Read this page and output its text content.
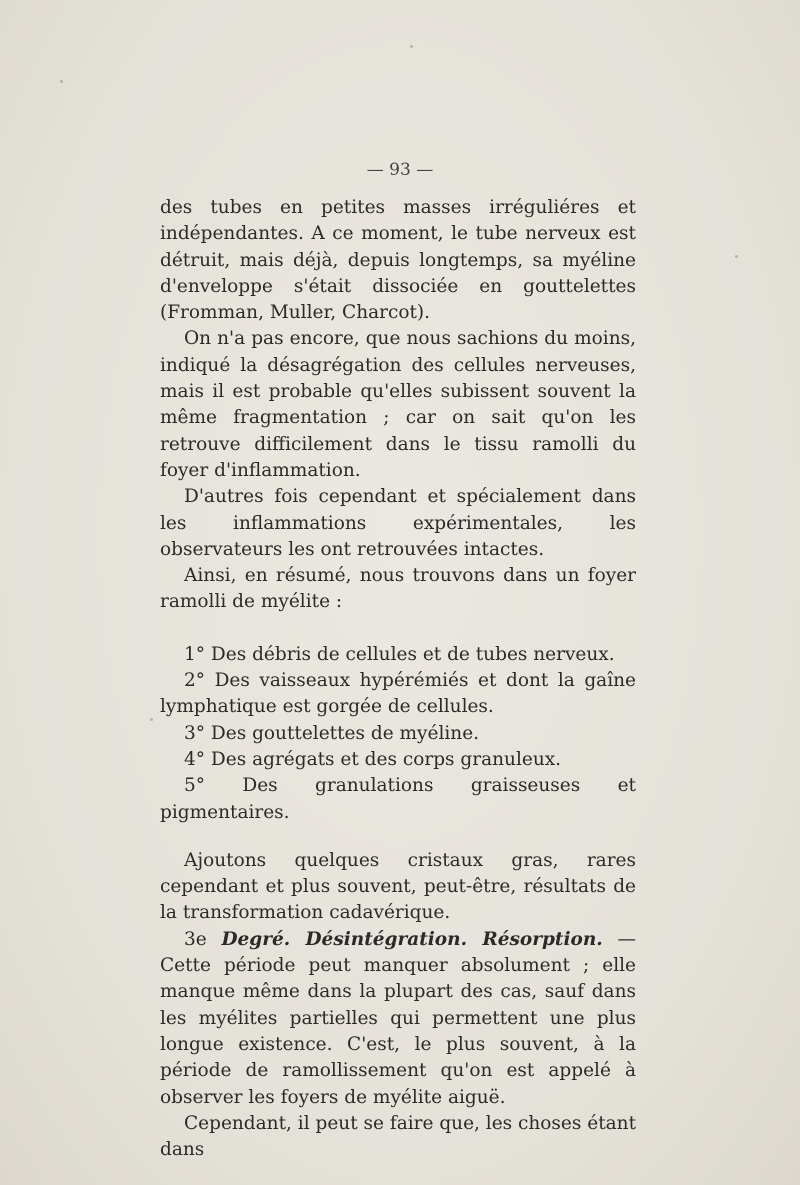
— 93 —

des tubes en petites masses irréguliéres et indépendantes. A ce moment, le tube nerveux est détruit, mais déjà, depuis longtemps, sa myéline d'enveloppe s'était dissociée en gouttelettes (Fromman, Muller, Charcot).

On n'a pas encore, que nous sachions du moins, indiqué la désagrégation des cellules nerveuses, mais il est probable qu'elles subissent souvent la même fragmentation ; car on sait qu'on les retrouve difficilement dans le tissu ramolli du foyer d'inflammation.

D'autres fois cependant et spécialement dans les inflammations expérimentales, les observateurs les ont retrouvées intactes.

Ainsi, en résumé, nous trouvons dans un foyer ramolli de myélite :

1° Des débris de cellules et de tubes nerveux.
2° Des vaisseaux hypérémiés et dont la gaîne lymphatique est gorgée de cellules.
3° Des gouttelettes de myéline.
4° Des agrégats et des corps granuleux.
5° Des granulations graisseuses et pigmentaires.

Ajoutons quelques cristaux gras, rares cependant et plus souvent, peut-être, résultats de la transformation cadavérique.

3e Degré. Désintégration. Résorption. — Cette période peut manquer absolument ; elle manque même dans la plupart des cas, sauf dans les myélites partielles qui permettent une plus longue existence. C'est, le plus souvent, à la période de ramollissement qu'on est appelé à observer les foyers de myélite aiguë.

Cependant, il peut se faire que, les choses étant dans
